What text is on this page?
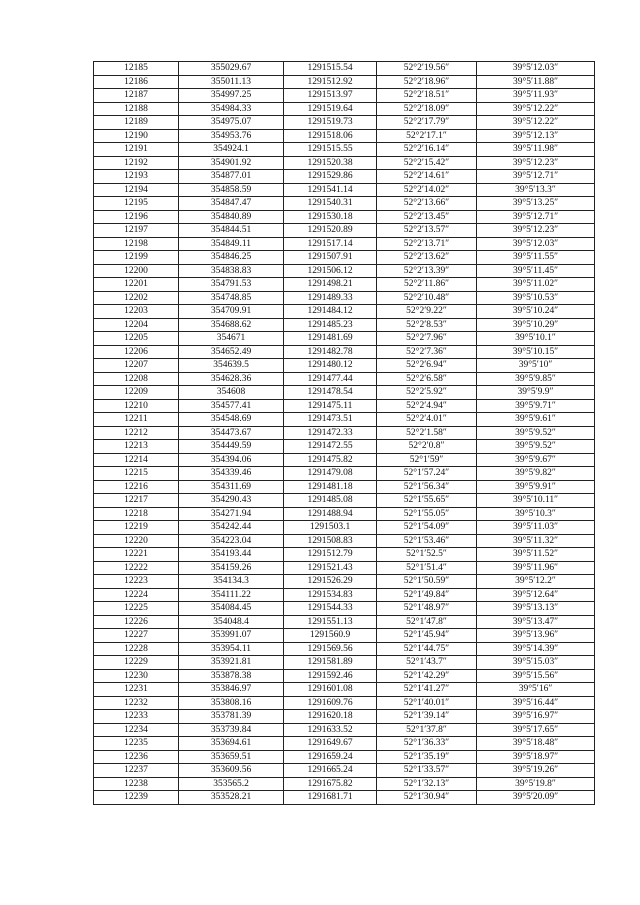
12185	355029.67	1291515.54	52°2′19.56″	39°5′12.03″
12186	355011.13	1291512.92	52°2′18.96″	39°5′11.88″
12187	354997.25	1291513.97	52°2′18.51″	39°5′11.93″
12188	354984.33	1291519.64	52°2′18.09″	39°5′12.22″
12189	354975.07	1291519.73	52°2′17.79″	39°5′12.22″
12190	354953.76	1291518.06	52°2′17.1″	39°5′12.13″
12191	354924.1	1291515.55	52°2′16.14″	39°5′11.98″
12192	354901.92	1291520.38	52°2′15.42″	39°5′12.23″
12193	354877.01	1291529.86	52°2′14.61″	39°5′12.71″
12194	354858.59	1291541.14	52°2′14.02″	39°5′13.3″
12195	354847.47	1291540.31	52°2′13.66″	39°5′13.25″
12196	354840.89	1291530.18	52°2′13.45″	39°5′12.71″
12197	354844.51	1291520.89	52°2′13.57″	39°5′12.23″
12198	354849.11	1291517.14	52°2′13.71″	39°5′12.03″
12199	354846.25	1291507.91	52°2′13.62″	39°5′11.55″
12200	354838.83	1291506.12	52°2′13.39″	39°5′11.45″
12201	354791.53	1291498.21	52°2′11.86″	39°5′11.02″
12202	354748.85	1291489.33	52°2′10.48″	39°5′10.53″
12203	354709.91	1291484.12	52°2′9.22″	39°5′10.24″
12204	354688.62	1291485.23	52°2′8.53″	39°5′10.29″
12205	354671	1291481.69	52°2′7.96″	39°5′10.1″
12206	354652.49	1291482.78	52°2′7.36″	39°5′10.15″
12207	354639.5	1291480.12	52°2′6.94″	39°5′10″
12208	354628.36	1291477.44	52°2′6.58″	39°5′9.85″
12209	354608	1291478.54	52°2′5.92″	39°5′9.9″
12210	354577.41	1291475.11	52°2′4.94″	39°5′9.71″
12211	354548.69	1291473.51	52°2′4.01″	39°5′9.61″
12212	354473.67	1291472.33	52°2′1.58″	39°5′9.52″
12213	354449.59	1291472.55	52°2′0.8″	39°5′9.52″
12214	354394.06	1291475.82	52°1′59″	39°5′9.67″
12215	354339.46	1291479.08	52°1′57.24″	39°5′9.82″
12216	354311.69	1291481.18	52°1′56.34″	39°5′9.91″
12217	354290.43	1291485.08	52°1′55.65″	39°5′10.11″
12218	354271.94	1291488.94	52°1′55.05″	39°5′10.3″
12219	354242.44	1291503.1	52°1′54.09″	39°5′11.03″
12220	354223.04	1291508.83	52°1′53.46″	39°5′11.32″
12221	354193.44	1291512.79	52°1′52.5″	39°5′11.52″
12222	354159.26	1291521.43	52°1′51.4″	39°5′11.96″
12223	354134.3	1291526.29	52°1′50.59″	39°5′12.2″
12224	354111.22	1291534.83	52°1′49.84″	39°5′12.64″
12225	354084.45	1291544.33	52°1′48.97″	39°5′13.13″
12226	354048.4	1291551.13	52°1′47.8″	39°5′13.47″
12227	353991.07	1291560.9	52°1′45.94″	39°5′13.96″
12228	353954.11	1291569.56	52°1′44.75″	39°5′14.39″
12229	353921.81	1291581.89	52°1′43.7″	39°5′15.03″
12230	353878.38	1291592.46	52°1′42.29″	39°5′15.56″
12231	353846.97	1291601.08	52°1′41.27″	39°5′16″
12232	353808.16	1291609.76	52°1′40.01″	39°5′16.44″
12233	353781.39	1291620.18	52°1′39.14″	39°5′16.97″
12234	353739.84	1291633.52	52°1′37.8″	39°5′17.65″
12235	353694.61	1291649.67	52°1′36.33″	39°5′18.48″
12236	353659.51	1291659.24	52°1′35.19″	39°5′18.97″
12237	353609.56	1291665.24	52°1′33.57″	39°5′19.26″
12238	353565.2	1291675.82	52°1′32.13″	39°5′19.8″
12239	353528.21	1291681.71	52°1′30.94″	39°5′20.09″
